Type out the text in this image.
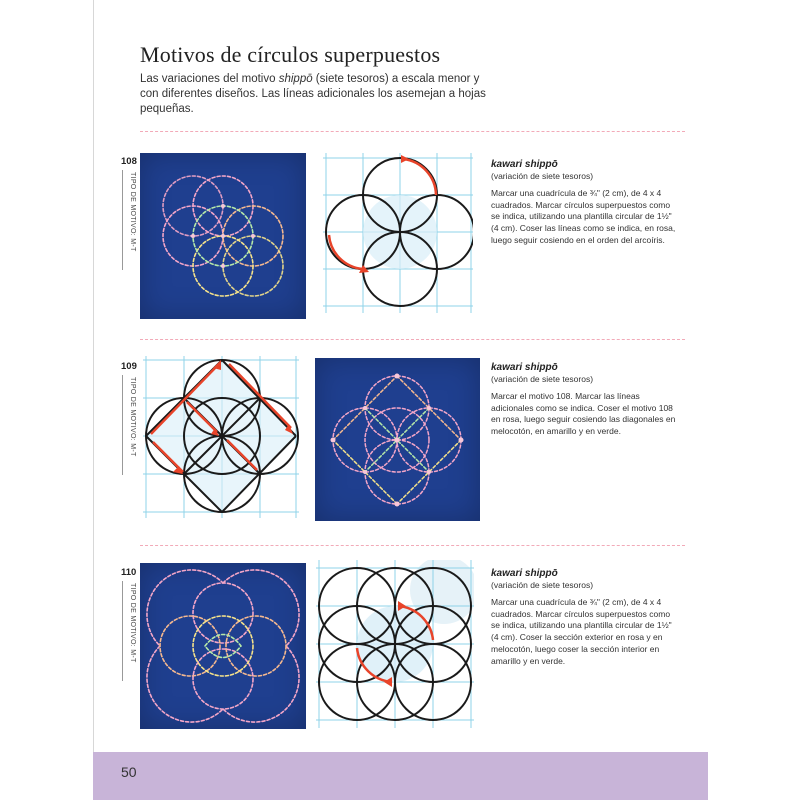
Motivos de círculos superpuestos
Las variaciones del motivo shippō (siete tesoros) a escala menor y con diferentes diseños. Las líneas adicionales los asemejan a hojas pequeñas.
108
TIPO DE MOTIVO: M-T
kawari shippō
(variación de siete tesoros)
Marcar una cuadrícula de ¾" (2 cm), de 4 x 4 cuadrados. Marcar círculos superpuestos como se indica, utilizando una plantilla circular de 1½" (4 cm). Coser las líneas como se indica, en rosa, luego seguir cosiendo en el orden del arcoíris.
109
TIPO DE MOTIVO: M-T
kawari shippō
(variación de siete tesoros)
Marcar el motivo 108. Marcar las líneas adicionales como se indica. Coser el motivo 108 en rosa, luego seguir cosiendo las diagonales en melocotón, en amarillo y en verde.
110
TIPO DE MOTIVO: M-T
kawari shippō
(variación de siete tesoros)
Marcar una cuadrícula de ¾" (2 cm), de 4 x 4 cuadrados. Marcar círculos superpuestos como se indica, utilizando una plantilla circular de 1½" (4 cm). Coser la sección exterior en rosa y en melocotón, luego coser la sección interior en amarillo y en verde.
50
